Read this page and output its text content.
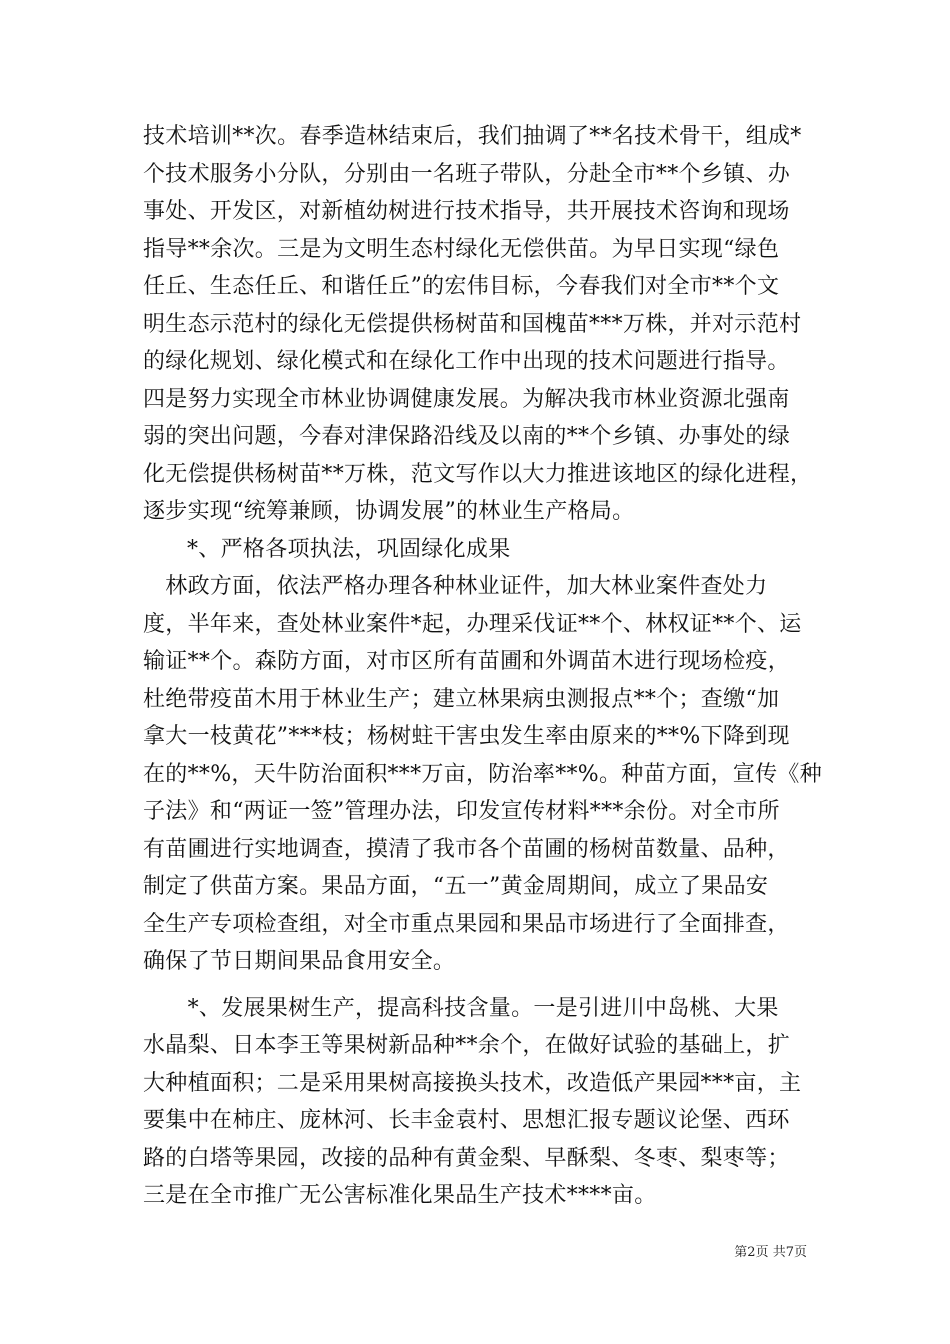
技术培训**次。春季造林结束后，我们抽调了**名技术骨干，组成*
个技术服务小分队，分别由一名班子带队，分赴全市**个乡镇、办
事处、开发区，对新植幼树进行技术指导，共开展技术咨询和现场
指导**余次。三是为文明生态村绿化无偿供苗。为早日实现“绿色
任丘、生态任丘、和谐任丘”的宏伟目标，今春我们对全市**个文
明生态示范村的绿化无偿提供杨树苗和国槐苗***万株，并对示范村
的绿化规划、绿化模式和在绿化工作中出现的技术问题进行指导。
四是努力实现全市林业协调健康发展。为解决我市林业资源北强南
弱的突出问题，今春对津保路沿线及以南的**个乡镇、办事处的绿
化无偿提供杨树苗**万株，范文写作以大力推进该地区的绿化进程，
逐步实现“统筹兼顾，协调发展”的林业生产格局。
*、严格各项执法，巩固绿化成果
　林政方面，依法严格办理各种林业证件，加大林业案件查处力
度，半年来，查处林业案件*起，办理采伐证**个、林权证**个、运
输证**个。森防方面，对市区所有苗圃和外调苗木进行现场检疫，
杜绝带疫苗木用于林业生产；建立林果病虫测报点**个；查缴“加
拿大一枝黄花”***枝；杨树蛀干害虫发生率由原来的**%下降到现
在的**%，天牛防治面积***万亩，防治率**%。种苗方面，宣传《种
子法》和“两证一签”管理办法，印发宣传材料***余份。对全市所
有苗圃进行实地调查，摸清了我市各个苗圃的杨树苗数量、品种，
制定了供苗方案。果品方面，“五一”黄金周期间，成立了果品安
全生产专项检查组，对全市重点果园和果品市场进行了全面排查，
确保了节日期间果品食用安全。
　　*、发展果树生产，提高科技含量。一是引进川中岛桃、大果
水晶梨、日本李王等果树新品种**余个，在做好试验的基础上，扩
大种植面积；二是采用果树高接换头技术，改造低产果园***亩，主
要集中在柿庄、庞林河、长丰金袁村、思想汇报专题议论堡、西环
路的白塔等果园，改接的品种有黄金梨、早酥梨、冬枣、梨枣等；
三是在全市推广无公害标准化果品生产技术****亩。
第2页 共7页
